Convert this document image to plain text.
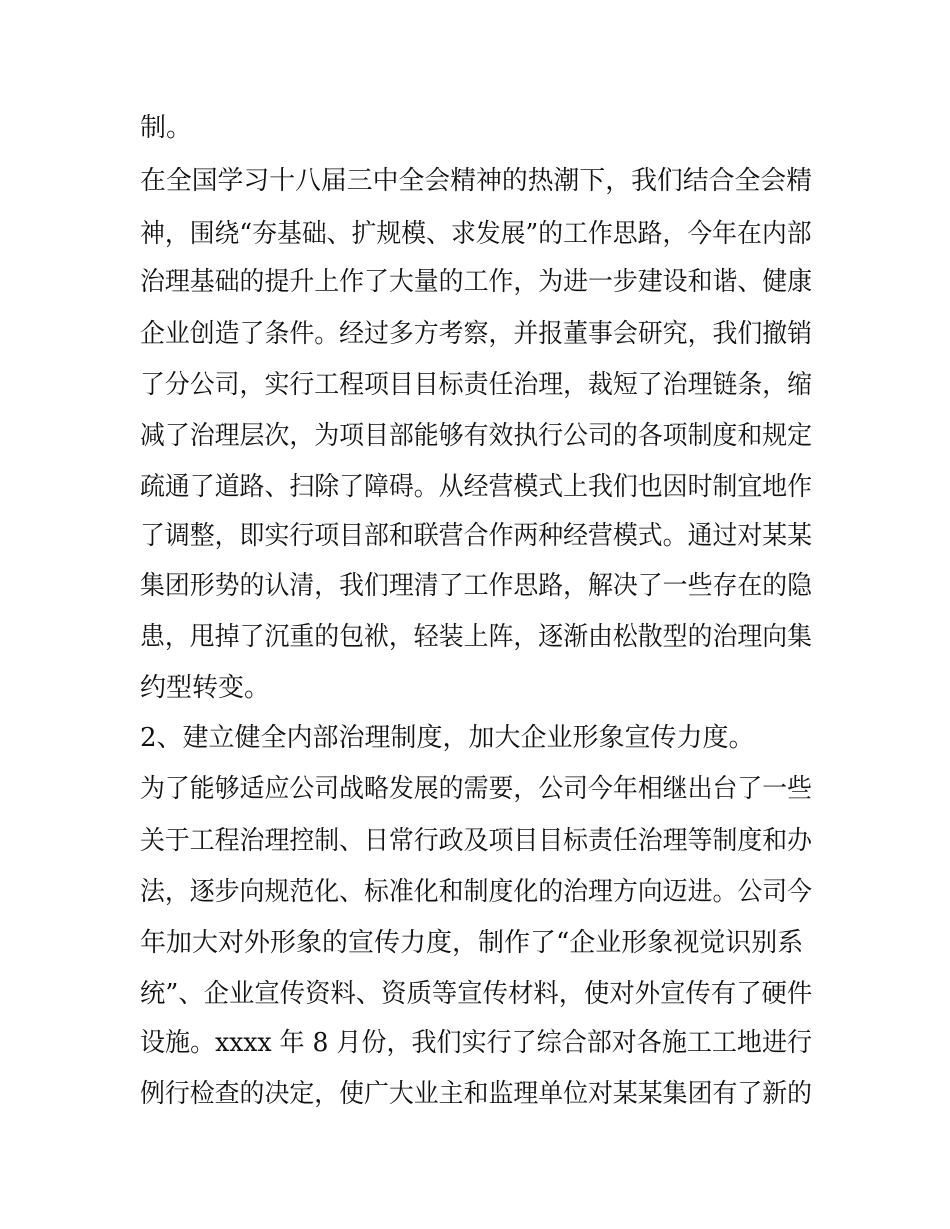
制。
在全国学习十八届三中全会精神的热潮下，我们结合全会精
神，围绕“夯基础、扩规模、求发展”的工作思路，今年在内部
治理基础的提升上作了大量的工作，为进一步建设和谐、健康
企业创造了条件。经过多方考察，并报董事会研究，我们撤销
了分公司，实行工程项目目标责任治理，裁短了治理链条，缩
减了治理层次，为项目部能够有效执行公司的各项制度和规定
疏通了道路、扫除了障碍。从经营模式上我们也因时制宜地作
了调整，即实行项目部和联营合作两种经营模式。通过对某某
集团形势的认清，我们理清了工作思路，解决了一些存在的隐
患，甩掉了沉重的包袱，轻装上阵，逐渐由松散型的治理向集
约型转变。
2、建立健全内部治理制度，加大企业形象宣传力度。
为了能够适应公司战略发展的需要，公司今年相继出台了一些
关于工程治理控制、日常行政及项目目标责任治理等制度和办
法，逐步向规范化、标准化和制度化的治理方向迈进。公司今
年加大对外形象的宣传力度，制作了“企业形象视觉识别系
统”、企业宣传资料、资质等宣传材料，使对外宣传有了硬件
设施。xxxx 年 8 月份，我们实行了综合部对各施工工地进行
例行检查的决定，使广大业主和监理单位对某某集团有了新的
